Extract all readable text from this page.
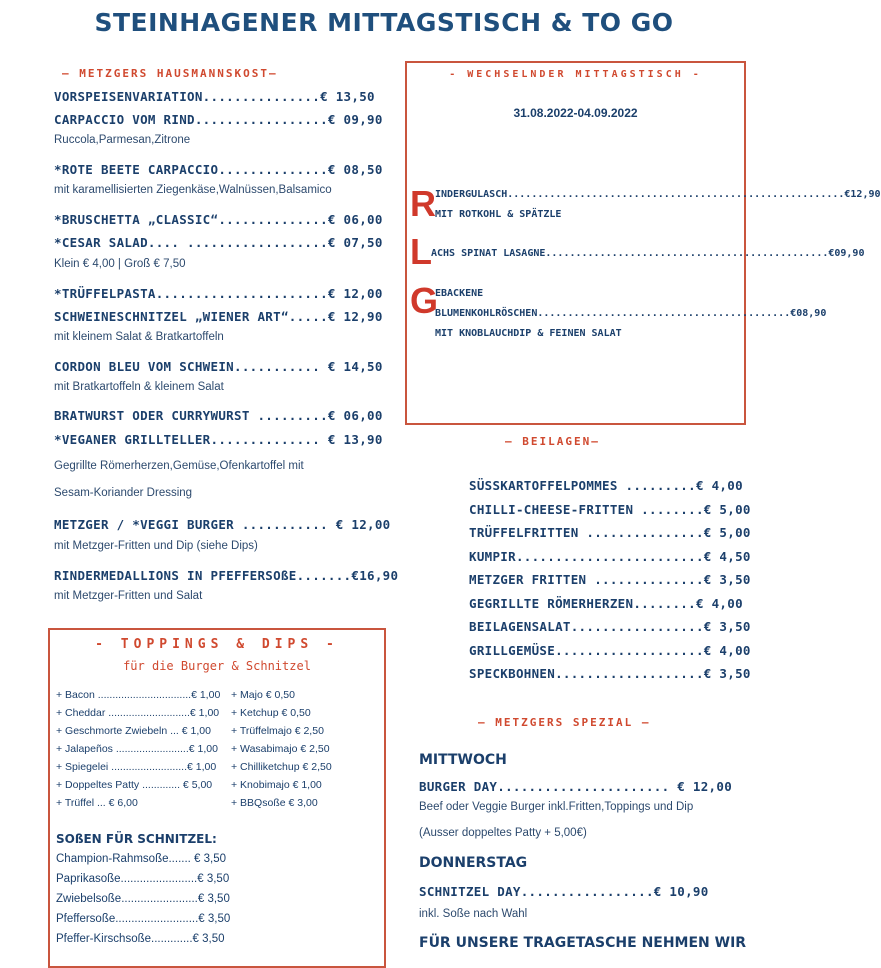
STEINHAGENER MITTAGSTISCH & TO GO
— METZGERS HAUSMANNSKOST—
VORSPEISENVARIATION...............€ 13,50
CARPACCIO VOM RIND.................€ 09,90
Ruccola,Parmesan,Zitrone
*ROTE BEETE CARPACCIO..............€ 08,50
mit karamellisierten Ziegenkäse,Walnüssen,Balsamico
*BRUSCHETTA „CLASSIC“..............€ 06,00
*CESAR SALAD.... ..................€ 07,50
Klein € 4,00 | Groß € 7,50
*TRÜFFELPASTA......................€ 12,00
SCHWEINESCHNITZEL „WIENER ART“.....€ 12,90
mit kleinem Salat & Bratkartoffeln
CORDON BLEU VOM SCHWEIN........... € 14,50
mit Bratkartoffeln & kleinem Salat
BRATWURST ODER CURRYWURST .........€ 06,00
*VEGANER GRILLTELLER.............. € 13,90
Gegrillte Römerherzen,Gemüse,Ofenkartoffel mit
Sesam-Koriander Dressing
METZGER / *VEGGI BURGER ........... € 12,00
mit Metzger-Fritten und Dip (siehe Dips)
RINDERMEDALLIONS IN PFEFFERSOßE.......€16,90
mit Metzger-Fritten und Salat
- WECHSELNDER MITTAGSTISCH -
31.08.2022-04.09.2022
R INDERGULASCH........................................................€12,90
MIT ROTKOHL & SPÄTZLE
L ACHS SPINAT LASAGNE...............................................€09,90
G
EBACKENE
BLUMENKOHLRÖSCHEN..........................................€08,90
MIT KNOBLAUCHDIP & FEINEN SALAT
— BEILAGEN—
SÜSSKARTOFFELPOMMES .........€ 4,00
CHILLI-CHEESE-FRITTEN ........€ 5,00
TRÜFFELFRITTEN ...............€ 5,00
KUMPIR........................€ 4,50
METZGER FRITTEN ..............€ 3,50
GEGRILLTE RÖMERHERZEN........€ 4,00
BEILAGENSALAT.................€ 3,50
GRILLGEMÜSE...................€ 4,00
SPECKBOHNEN...................€ 3,50
- TOPPINGS & DIPS -
für die Burger & Schnitzel
+ Bacon ................................€ 1,00
+ Cheddar ............................€ 1,00
+ Geschmorte Zwiebeln ... € 1,00
+ Jalapeños .........................€ 1,00
+ Spiegelei ..........................€ 1,00
+ Doppeltes Patty ............. € 5,00
+ Trüffel ... € 6,00
+ Majo € 0,50
+ Ketchup € 0,50
+ Trüffelmajo € 2,50
+ Wasabimajo € 2,50
+ Chilliketchup € 2,50
+ Knobimajo € 1,00
+ BBQsoße € 3,00
SOßEN FÜR SCHNITZEL:
Champion-Rahmsoße....... € 3,50
Paprikasoße........................€ 3,50
Zwiebelsoße........................€ 3,50
Pfeffersoße..........................€ 3,50
Pfeffer-Kirschsoße.............€ 3,50
— METZGERS SPEZIAL —
MITTWOCH
BURGER DAY...................... € 12,00
Beef oder Veggie Burger inkl.Fritten,Toppings und Dip
(Ausser doppeltes Patty + 5,00€)
DONNERSTAG
SCHNITZEL DAY.................€ 10,90
inkl. Soße nach Wahl
FÜR UNSERE TRAGETASCHE NEHMEN WIR
